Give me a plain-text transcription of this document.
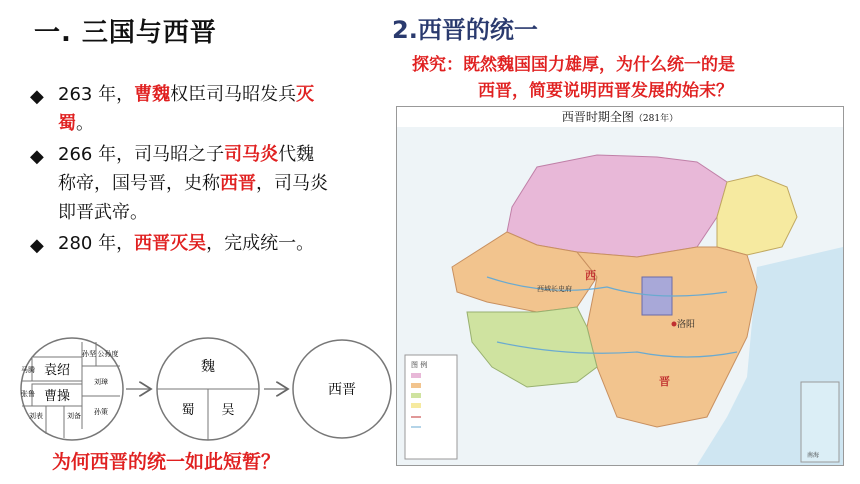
一. 三国与西晋
◆ 263 年，曹魏权臣司马昭发兵灭蜀。
◆ 266 年，司马昭之子司马炎代魏称帝，国号晋，史称西晋，司马炎即晋武帝。
◆ 280 年，西晋灭吴，完成统一。
袁绍
曹操
孙坚 公孙度
马腾
张鲁
刘璋
刘表	孙策
刘备
魏
蜀 吴
西晋
为何西晋的统一如此短暂？
2.西晋的统一
探究：既然魏国国力雄厚，为什么统一的是
西晋，简要说明西晋发展的始末？
西晋时期全图（281年）
西
晋
洛阳
西域长史府
图 例
南海
